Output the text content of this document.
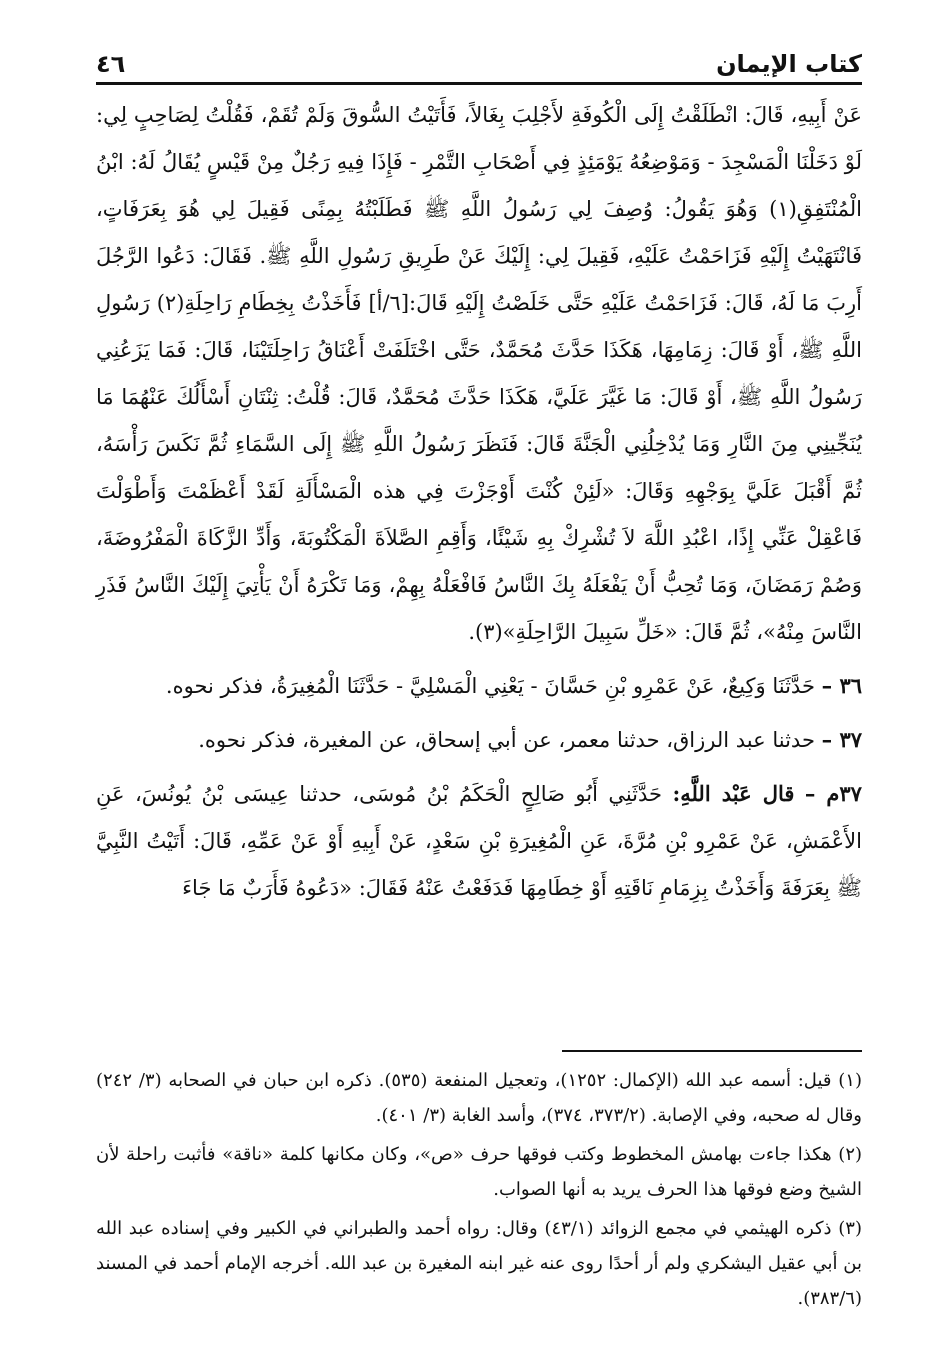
كتاب الإيمان
٤٦

عَنْ أَبِيهِ، قَالَ: انْطَلَقْتُ إِلَى الْكُوفَةِ لأَجْلِبَ بِغَالاً، فَأَتَيْتُ السُّوقَ وَلَمْ تُقَمْ، فَقُلْتُ لِصَاحِبٍ لِي: لَوْ دَخَلْنَا الْمَسْجِدَ - وَمَوْضِعُهُ يَوْمَئِذٍ فِي أَصْحَابِ التَّمْرِ - فَإِذَا فِيهِ رَجُلٌ مِنْ قَيْسٍ يُقَالُ لَهُ: ابْنُ الْمُنْتَفِقِ(١) وَهُوَ يَقُولُ: وُصِفَ لِي رَسُولُ اللَّهِ ﷺ فَطَلَبْتُهُ بِمِنًى فَقِيلَ لِي هُوَ بِعَرَفَاتٍ، فَانْتَهَيْتُ إِلَيْهِ فَزَاحَمْتُ عَلَيْهِ، فَقِيلَ لِي: إِلَيْكَ عَنْ طَرِيقِ رَسُولِ اللَّهِ ﷺ. فَقَالَ: دَعُوا الرَّجُلَ أَرِبَ مَا لَهُ، قَالَ: فَزَاحَمْتُ عَلَيْهِ حَتَّى خَلَصْتُ إِلَيْهِ قَالَ:[٦/أ] فَأَخَذْتُ بِخِطَامِ رَاحِلَةِ(٢) رَسُولِ اللَّهِ ﷺ، أَوْ قَالَ: زِمَامِهَا، هَكَذَا حَدَّثَ مُحَمَّدٌ، حَتَّى اخْتَلَفَتْ أَعْنَاقُ رَاحِلَتَيْنَا، قَالَ: فَمَا يَزَعُنِي رَسُولُ اللَّهِ ﷺ، أَوْ قَالَ: مَا غَيَّرَ عَلَيَّ، هَكَذَا حَدَّثَ مُحَمَّدٌ، قَالَ: قُلْتُ: ثِنْتَانِ أَسْأَلُكَ عَنْهُمَا مَا يُنَجِّينِي مِنَ النَّارِ وَمَا يُدْخِلُنِي الْجَنَّةَ قَالَ: فَنَظَرَ رَسُولُ اللَّهِ ﷺ إِلَى السَّمَاءِ ثُمَّ نَكَسَ رَأْسَهُ، ثُمَّ أَقْبَلَ عَلَيَّ بِوَجْهِهِ وَقَالَ: «لَئِنْ كُنْتَ أَوْجَزْتَ فِي هذه الْمَسْأَلَةِ لَقَدْ أَعْظَمْتَ وَأَطْوَلْتَ فَاعْقِلْ عَنِّي إِذًا، اعْبُدِ اللَّهَ لاَ تُشْرِكْ بِهِ شَيْئًا، وَأَقِمِ الصَّلاَةَ الْمَكْتُوبَةَ، وَأَدِّ الزَّكَاةَ الْمَفْرُوضَةَ، وَصُمْ رَمَضَانَ، وَمَا تُحِبُّ أَنْ يَفْعَلَهُ بِكَ النَّاسُ فَافْعَلْهُ بِهِمْ، وَمَا تَكْرَهُ أَنْ يَأْتِيَ إِلَيْكَ النَّاسُ فَذَرِ النَّاسَ مِنْهُ»، ثُمَّ قَالَ: «خَلِّ سَبِيلَ الرَّاحِلَةِ»(٣).

٣٦ – حَدَّثَنَا وَكِيعٌ، عَنْ عَمْرِو بْنِ حَسَّانَ - يَعْنِي الْمَسْلِيَّ - حَدَّثَنَا الْمُغِيرَةُ، فذكر نحوه.

٣٧ – حدثنا عبد الرزاق، حدثنا معمر، عن أبي إسحاق، عن المغيرة، فذكر نحوه.

٣٧م – قال عَبْد اللَّهِ: حَدَّثَنِي أَبُو صَالِحٍ الْحَكَمُ بْنُ مُوسَى، حدثنا عِيسَى بْنُ يُونُسَ، عَنِ الأَعْمَشِ، عَنْ عَمْرِو بْنِ مُرَّةَ، عَنِ الْمُغِيرَةِ بْنِ سَعْدٍ، عَنْ أَبِيهِ أَوْ عَنْ عَمِّهِ، قَالَ: أَتَيْتُ النَّبِيَّ ﷺ بِعَرَفَةَ وَأَخَذْتُ بِزِمَامِ نَاقَتِهِ أَوْ خِطَامِهَا فَدَفَعْتُ عَنْهُ فَقَالَ: «دَعُوهُ فَأَرَبٌ مَا جَاءَ

(١) قيل: أسمه عبد الله (الإكمال: ١٢٥٢)، وتعجيل المنفعة (٥٣٥). ذكره ابن حبان في الصحابه (٣/ ٢٤٢) وقال له صحبه، وفي الإصابة. (٣٧٣/٢، ٣٧٤)، وأسد الغابة (٣/ ٤٠١).

(٢) هكذا جاءت بهامش المخطوط وكتب فوقها حرف «ص»، وكان مكانها كلمة «ناقة» فأثبت راحلة لأن الشيخ وضع فوقها هذا الحرف يريد به أنها الصواب.

(٣) ذكره الهيثمي في مجمع الزوائد (٤٣/١) وقال: رواه أحمد والطبراني في الكبير وفي إسناده عبد الله بن أبي عقيل اليشكري ولم أر أحدًا روى عنه غير ابنه المغيرة بن عبد الله. أخرجه الإمام أحمد في المسند (٣٨٣/٦).
